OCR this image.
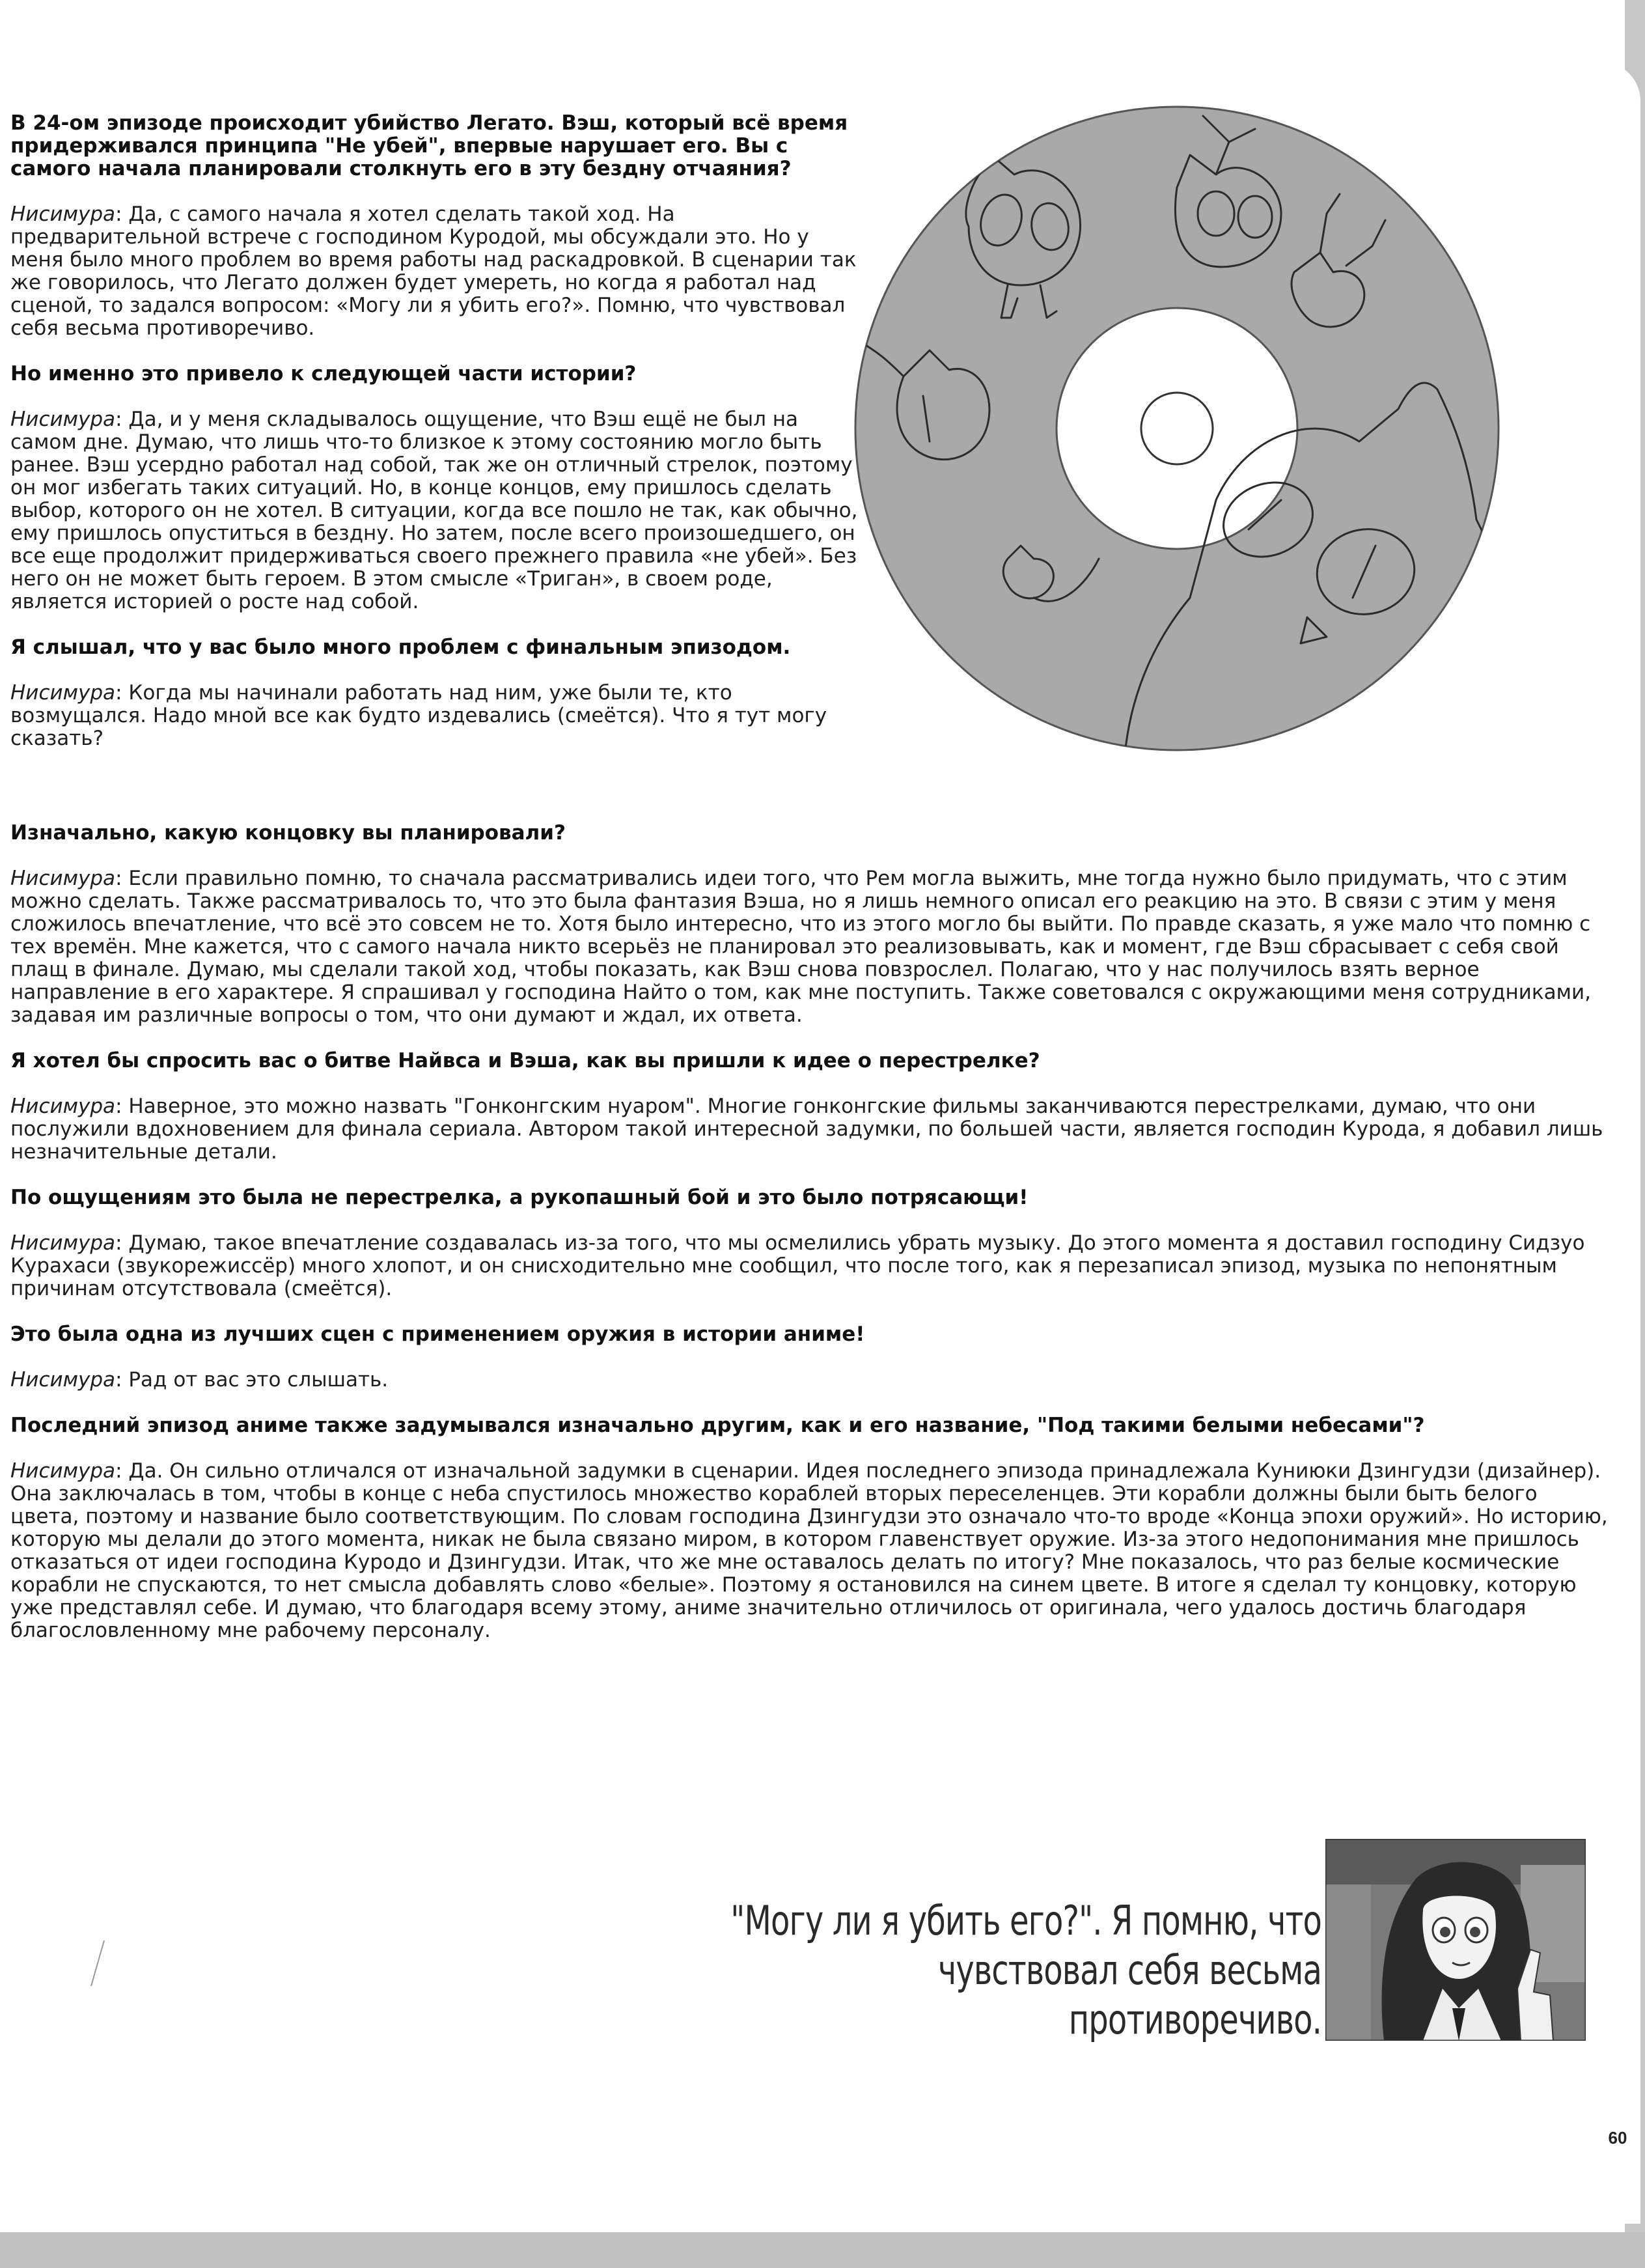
В 24-ом эпизоде происходит убийство Легато. Вэш, который всё время придерживался принципа "Не убей", впервые нарушает его. Вы с самого начала планировали столкнуть его в эту бездну отчаяния?

Нисимура: Да, с самого начала я хотел сделать такой ход. На предварительной встрече с господином Куродой, мы обсуждали это. Но у меня было много проблем во время работы над раскадровкой. В сценарии так же говорилось, что Легато должен будет умереть, но когда я работал над сценой, то задался вопросом: «Могу ли я убить его?». Помню, что чувствовал себя весьма противоречиво.

Но именно это привело к следующей части истории?

Нисимура: Да, и у меня складывалось ощущение, что Вэш ещё не был на самом дне. Думаю, что лишь что-то близкое к этому состоянию могло быть ранее. Вэш усердно работал над собой, так же он отличный стрелок, поэтому он мог избегать таких ситуаций. Но, в конце концов, ему пришлось сделать выбор, которого он не хотел. В ситуации, когда все пошло не так, как обычно, ему пришлось опуститься в бездну. Но затем, после всего произошедшего, он все еще продолжит придерживаться своего прежнего правила «не убей». Без него он не может быть героем. В этом смысле «Триган», в своем роде, является историей о росте над собой.

Я слышал, что у вас было много проблем с финальным эпизодом.

Нисимура: Когда мы начинали работать над ним, уже были те, кто возмущался. Надо мной все как будто издевались (смеётся). Что я тут могу сказать?

Изначально, какую концовку вы планировали?

Нисимура: Если правильно помню, то сначала рассматривались идеи того, что Рем могла выжить, мне тогда нужно было придумать, что с этим можно сделать. Также рассматривалось то, что это была фантазия Вэша, но я лишь немного описал его реакцию на это. В связи с этим у меня сложилось впечатление, что всё это совсем не то. Хотя было интересно, что из этого могло бы выйти. По правде сказать, я уже мало что помню с тех времён. Мне кажется, что с самого начала никто всерьёз не планировал это реализовывать, как и момент, где Вэш сбрасывает с себя свой плащ в финале. Думаю, мы сделали такой ход, чтобы показать, как Вэш снова повзрослел. Полагаю, что у нас получилось взять верное направление в его характере. Я спрашивал у господина Найто о том, как мне поступить. Также советовался с окружающими меня сотрудниками, задавая им различные вопросы о том, что они думают и ждал, их ответа.

Я хотел бы спросить вас о битве Найвса и Вэша, как вы пришли к идее о перестрелке?

Нисимура: Наверное, это можно назвать "Гонконгским нуаром". Многие гонконгские фильмы заканчиваются перестрелками, думаю, что они послужили вдохновением для финала сериала. Автором такой интересной задумки, по большей части, является господин Курода, я добавил лишь незначительные детали.

По ощущениям это была не перестрелка, а рукопашный бой и это было потрясающи!

Нисимура: Думаю, такое впечатление создавалась из-за того, что мы осмелились убрать музыку. До этого момента я доставил господину Сидзуо Курахаси (звукорежиссёр) много хлопот, и он снисходительно мне сообщил, что после того, как я перезаписал эпизод, музыка по непонятным причинам отсутствовала (смеётся).

Это была одна из лучших сцен с применением оружия в истории аниме!

Нисимура: Рад от вас это слышать.

Последний эпизод аниме также задумывался изначально другим, как и его название, "Под такими белыми небесами"?

Нисимура: Да. Он сильно отличался от изначальной задумки в сценарии. Идея последнего эпизода принадлежала Куниюки Дзингудзи (дизайнер). Она заключалась в том, чтобы в конце с неба спустилось множество кораблей вторых переселенцев. Эти корабли должны были быть белого цвета, поэтому и название было соответствующим. По словам господина Дзингудзи это означало что-то вроде «Конца эпохи оружий». Но историю, которую мы делали до этого момента, никак не была связано миром, в котором главенствует оружие. Из-за этого недопонимания мне пришлось отказаться от идеи господина Куродо и Дзингудзи. Итак, что же мне оставалось делать по итогу? Мне показалось, что раз белые космические корабли не спускаются, то нет смысла добавлять слово «белые». Поэтому я остановился на синем цвете. В итоге я сделал ту концовку, которую уже представлял себе. И думаю, что благодаря всему этому, аниме значительно отличилось от оригинала, чего удалось достичь благодаря благословленному мне рабочему персоналу.

"Могу ли я убить его?". Я помню, что
чувствовал себя весьма противоречиво.
60
